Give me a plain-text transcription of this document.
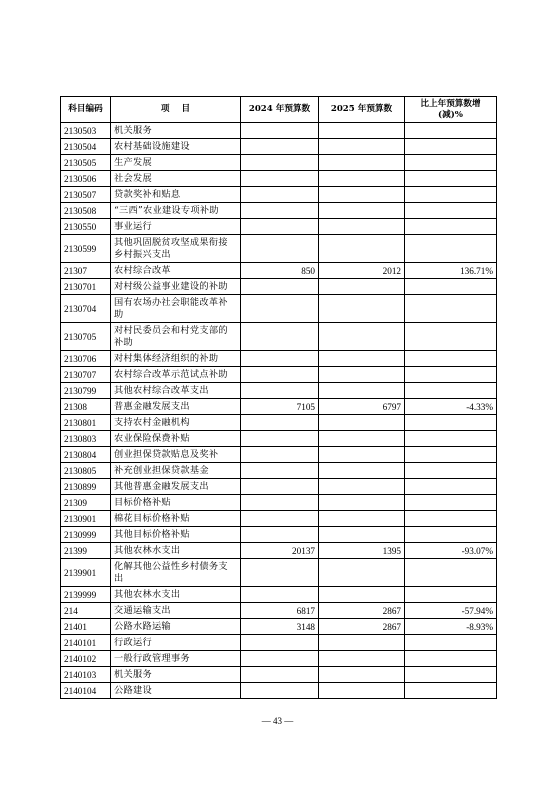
科目编码	项    目	2024 年预算数	2025 年预算数	比上年预算数增(减)%
2130503	机关服务			
2130504	农村基础设施建设			
2130505	生产发展			
2130506	社会发展			
2130507	贷款奖补和贴息			
2130508	“三西”农业建设专项补助			
2130550	事业运行			
2130599	其他巩固脱贫攻坚成果衔接乡村振兴支出			
21307	农村综合改革	850	2012	136.71%
2130701	对村级公益事业建设的补助			
2130704	国有农场办社会职能改革补助			
2130705	对村民委员会和村党支部的补助			
2130706	对村集体经济组织的补助			
2130707	农村综合改革示范试点补助			
2130799	其他农村综合改革支出			
21308	普惠金融发展支出	7105	6797	-4.33%
2130801	支持农村金融机构			
2130803	农业保险保费补贴			
2130804	创业担保贷款贴息及奖补			
2130805	补充创业担保贷款基金			
2130899	其他普惠金融发展支出			
21309	目标价格补贴			
2130901	棉花目标价格补贴			
2130999	其他目标价格补贴			
21399	其他农林水支出	20137	1395	-93.07%
2139901	化解其他公益性乡村债务支出			
2139999	其他农林水支出			
214	交通运输支出	6817	2867	-57.94%
21401	公路水路运输	3148	2867	-8.93%
2140101	行政运行			
2140102	一般行政管理事务			
2140103	机关服务			
2140104	公路建设			
— 43 —
